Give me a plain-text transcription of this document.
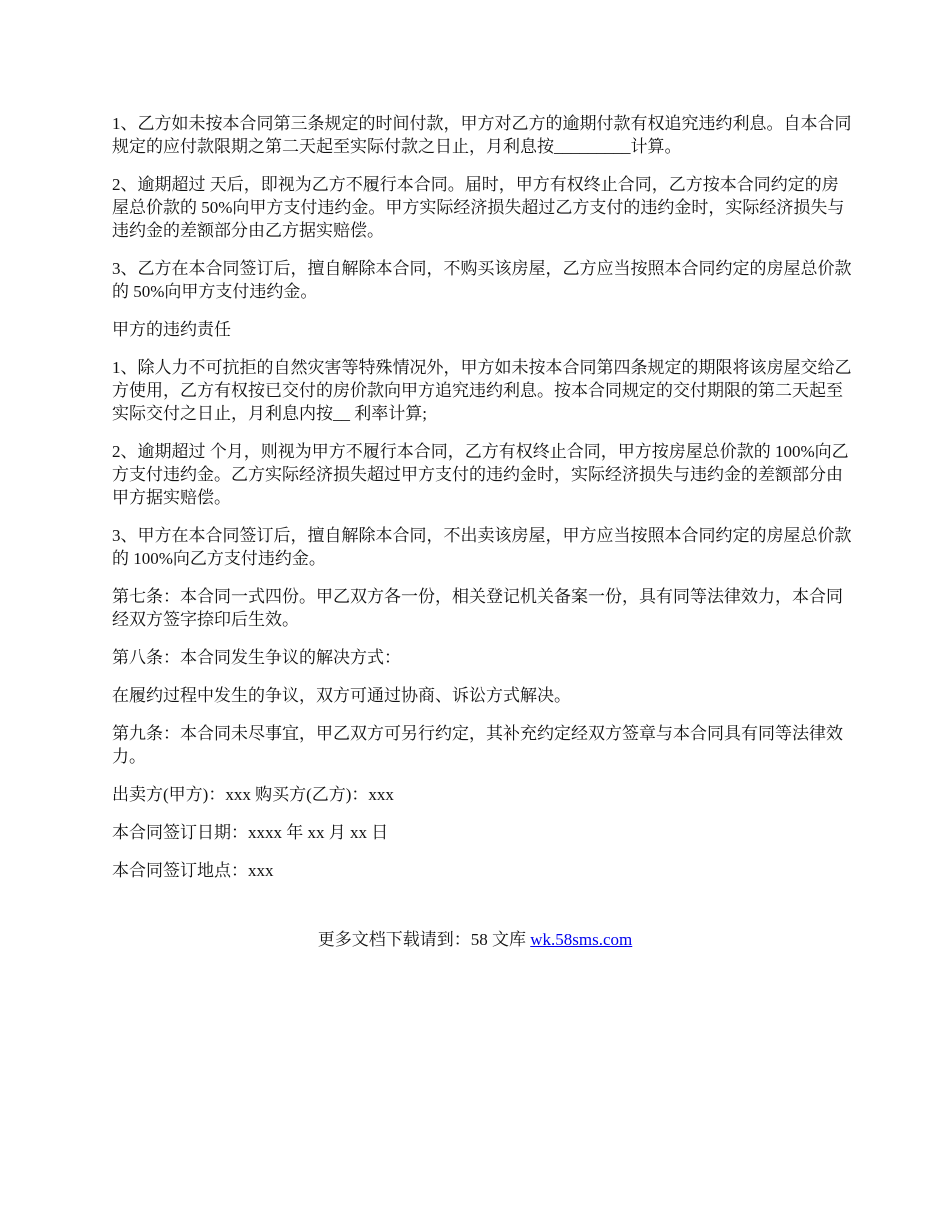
1、乙方如未按本合同第三条规定的时间付款，甲方对乙方的逾期付款有权追究违约利息。自本合同规定的应付款限期之第二天起至实际付款之日止，月利息按_________计算。

2、逾期超过 天后，即视为乙方不履行本合同。届时，甲方有权终止合同，乙方按本合同约定的房屋总价款的 50%向甲方支付违约金。甲方实际经济损失超过乙方支付的违约金时，实际经济损失与违约金的差额部分由乙方据实赔偿。

3、乙方在本合同签订后，擅自解除本合同，不购买该房屋，乙方应当按照本合同约定的房屋总价款的 50%向甲方支付违约金。

甲方的违约责任

1、除人力不可抗拒的自然灾害等特殊情况外，甲方如未按本合同第四条规定的期限将该房屋交给乙方使用，乙方有权按已交付的房价款向甲方追究违约利息。按本合同规定的交付期限的第二天起至实际交付之日止，月利息内按__ 利率计算;

2、逾期超过 个月，则视为甲方不履行本合同，乙方有权终止合同，甲方按房屋总价款的 100%向乙方支付违约金。乙方实际经济损失超过甲方支付的违约金时，实际经济损失与违约金的差额部分由甲方据实赔偿。

3、甲方在本合同签订后，擅自解除本合同，不出卖该房屋，甲方应当按照本合同约定的房屋总价款的 100%向乙方支付违约金。

第七条：本合同一式四份。甲乙双方各一份，相关登记机关备案一份，具有同等法律效力，本合同经双方签字捺印后生效。

第八条：本合同发生争议的解决方式：

在履约过程中发生的争议，双方可通过协商、诉讼方式解决。

第九条：本合同未尽事宜，甲乙双方可另行约定，其补充约定经双方签章与本合同具有同等法律效力。

出卖方(甲方)：xxx 购买方(乙方)：xxx

本合同签订日期：xxxx 年 xx 月 xx 日

本合同签订地点：xxx

更多文档下载请到：58 文库 wk.58sms.com
